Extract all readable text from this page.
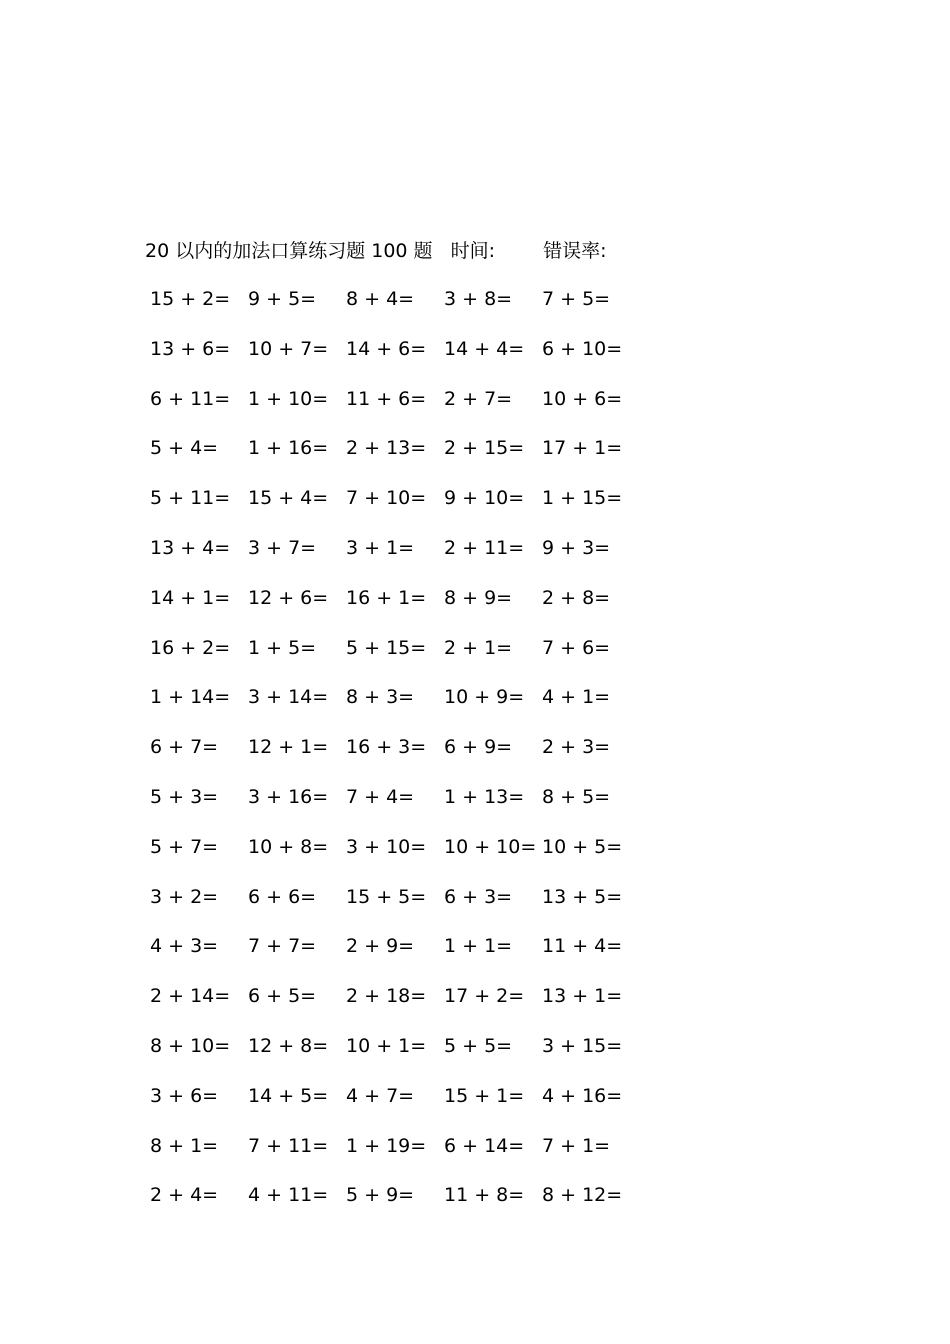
20 以内的加法口算练习题 100 题 时间:	错误率:
15 + 2= 9 + 5= 8 + 4= 3 + 8= 7 + 5=
13 + 6= 10 + 7= 14 + 6= 14 + 4= 6 + 10=
6 + 11= 1 + 10= 11 + 6= 2 + 7= 10 + 6=
5 + 4= 1 + 16= 2 + 13= 2 + 15= 17 + 1=
5 + 11= 15 + 4= 7 + 10= 9 + 10= 1 + 15=
13 + 4= 3 + 7= 3 + 1= 2 + 11= 9 + 3=
14 + 1= 12 + 6= 16 + 1= 8 + 9= 2 + 8=
16 + 2= 1 + 5= 5 + 15= 2 + 1= 7 + 6=
1 + 14= 3 + 14= 8 + 3= 10 + 9= 4 + 1=
6 + 7= 12 + 1= 16 + 3= 6 + 9= 2 + 3=
5 + 3= 3 + 16= 7 + 4= 1 + 13= 8 + 5=
5 + 7= 10 + 8= 3 + 10= 10 + 10= 10 + 5=
3 + 2= 6 + 6= 15 + 5= 6 + 3= 13 + 5=
4 + 3= 7 + 7= 2 + 9= 1 + 1= 11 + 4=
2 + 14= 6 + 5= 2 + 18= 17 + 2= 13 + 1=
8 + 10= 12 + 8= 10 + 1= 5 + 5= 3 + 15=
3 + 6= 14 + 5= 4 + 7= 15 + 1= 4 + 16=
8 + 1= 7 + 11= 1 + 19= 6 + 14= 7 + 1=
2 + 4= 4 + 11= 5 + 9= 11 + 8= 8 + 12=
